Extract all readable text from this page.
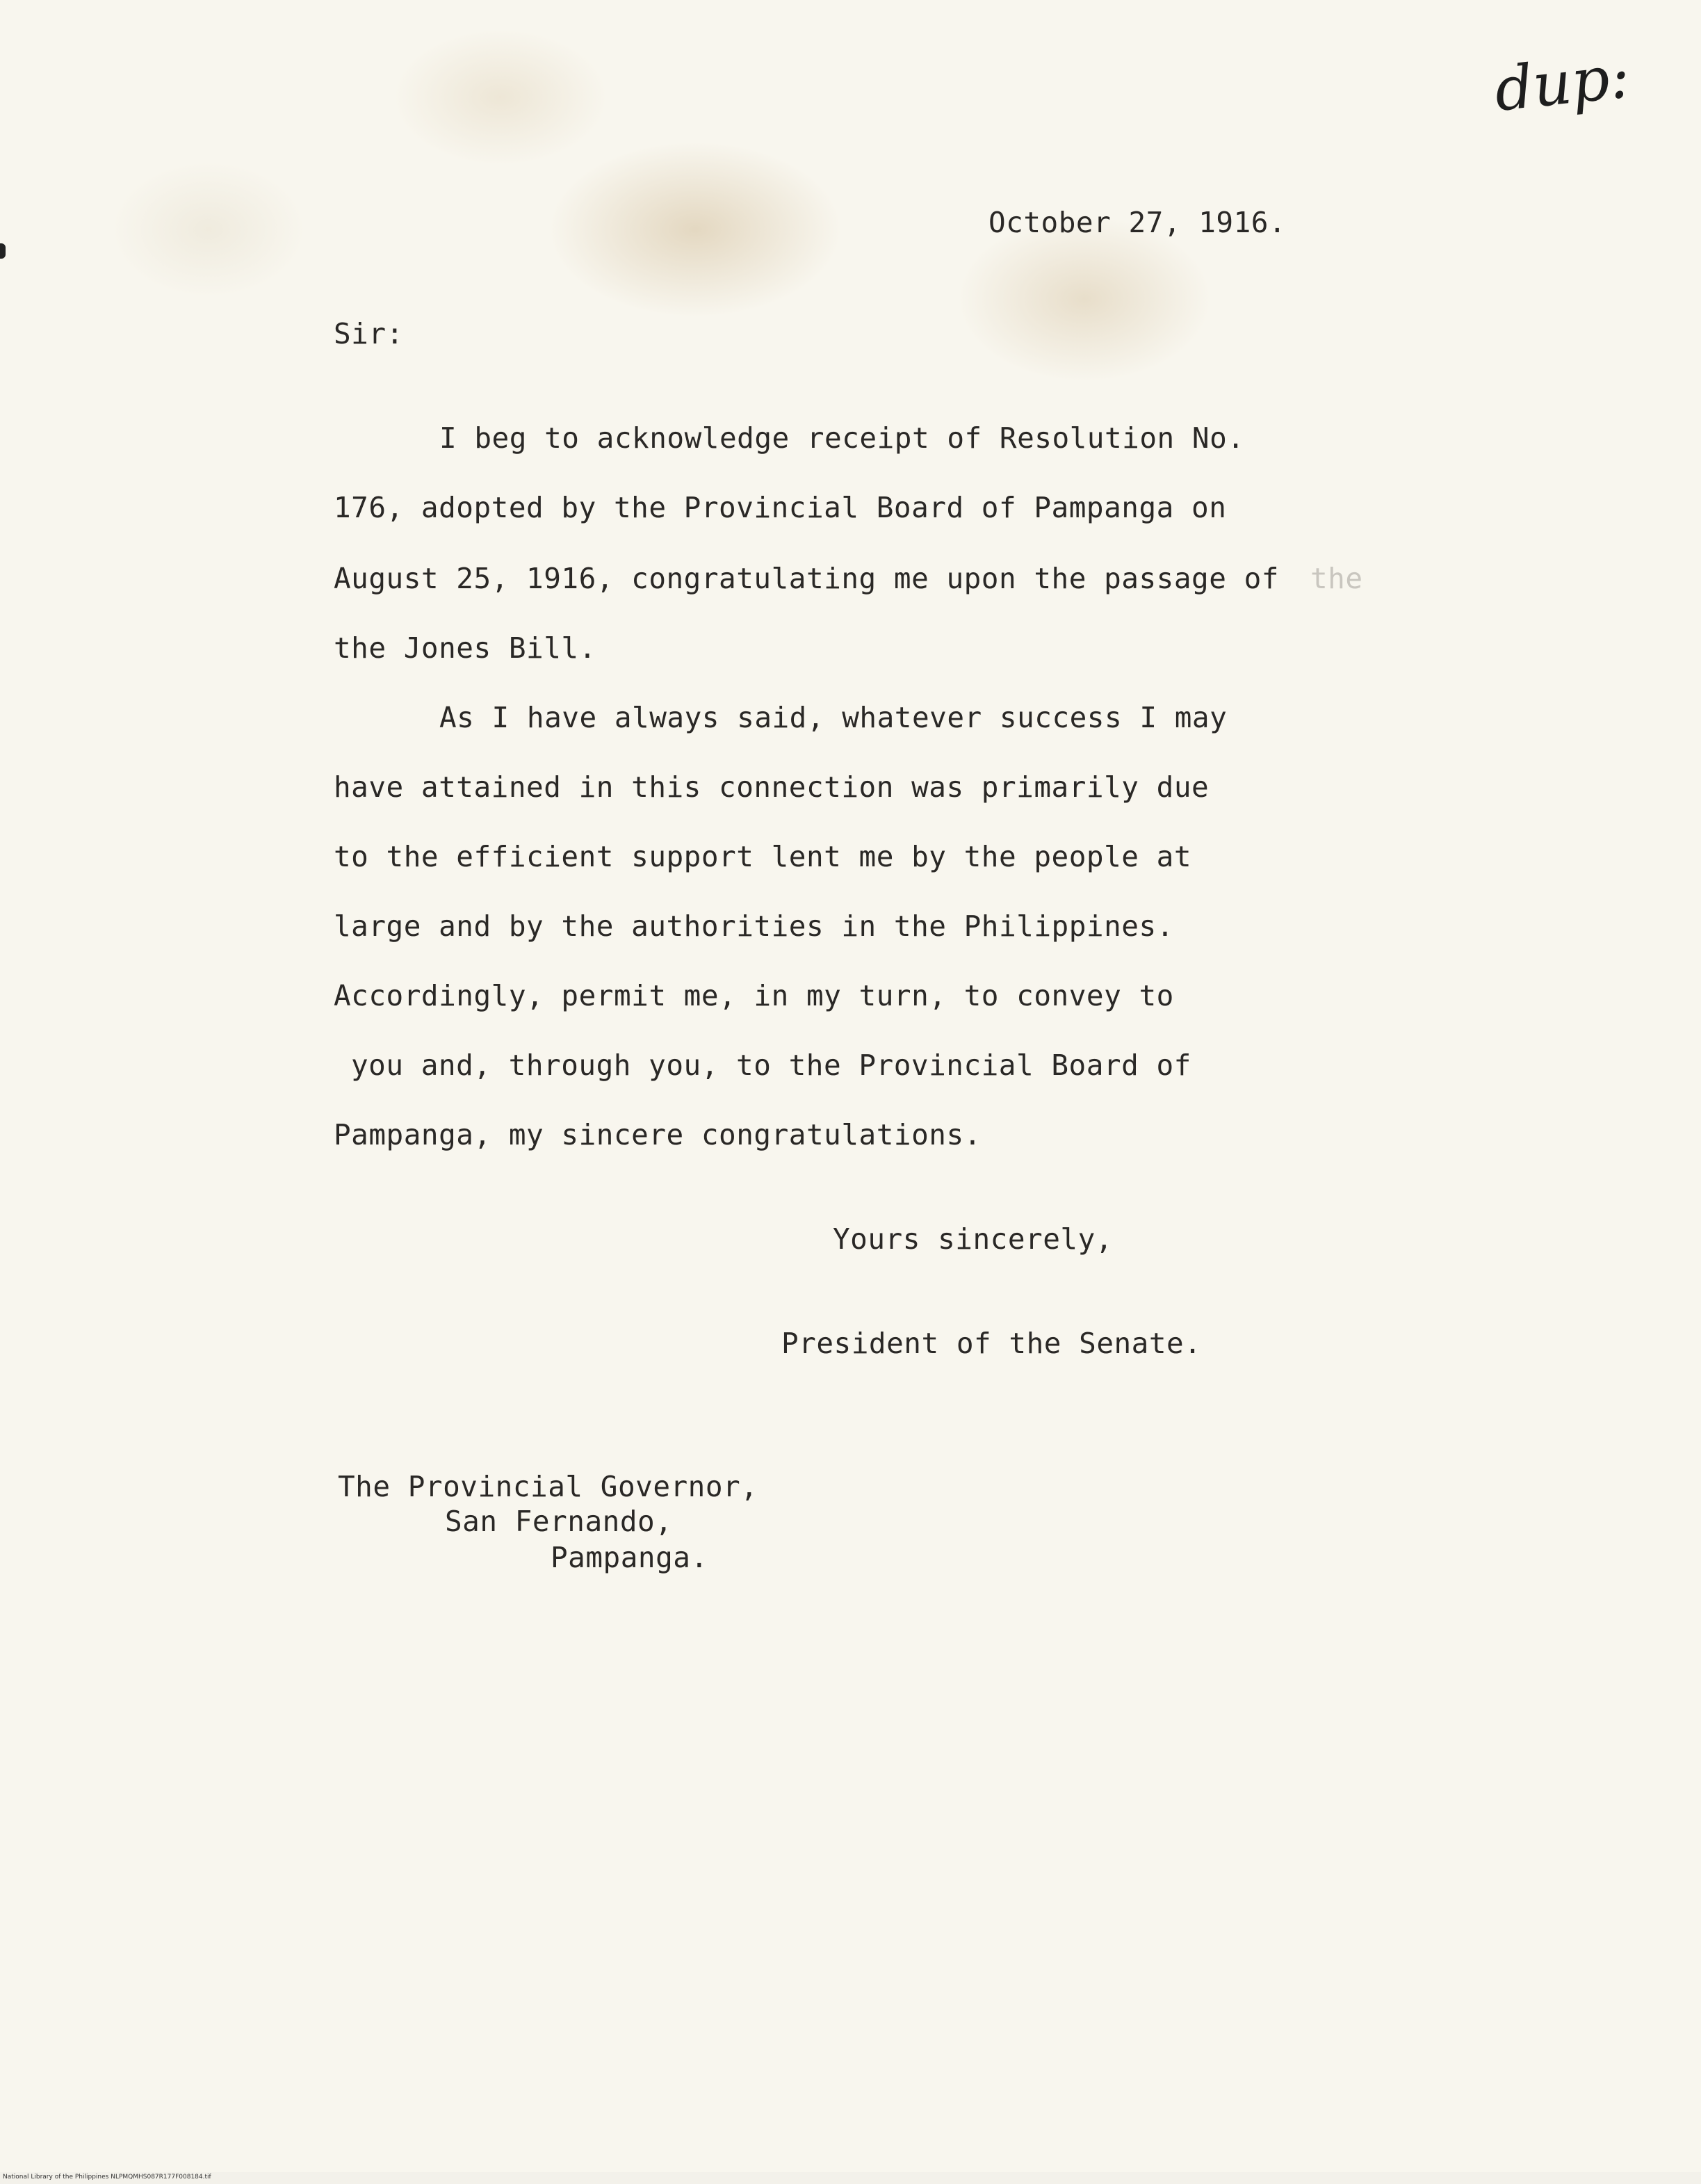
dup:
October 27, 1916.
Sir:
I beg to acknowledge receipt of Resolution No.
176, adopted by the Provincial Board of Pampanga on
August 25, 1916, congratulating me upon the passage of the
the Jones Bill.
As I have always said, whatever success I may
have attained in this connection was primarily due
to the efficient support lent me by the people at
large and by the authorities in the Philippines.
Accordingly, permit me, in my turn, to convey to
you and, through you, to the Provincial Board of
Pampanga, my sincere congratulations.
Yours sincerely,
President of the Senate.
The Provincial Governor,
San Fernando,
Pampanga.
National Library of the Philippines NLPMQMHS087R177F008184.tif
